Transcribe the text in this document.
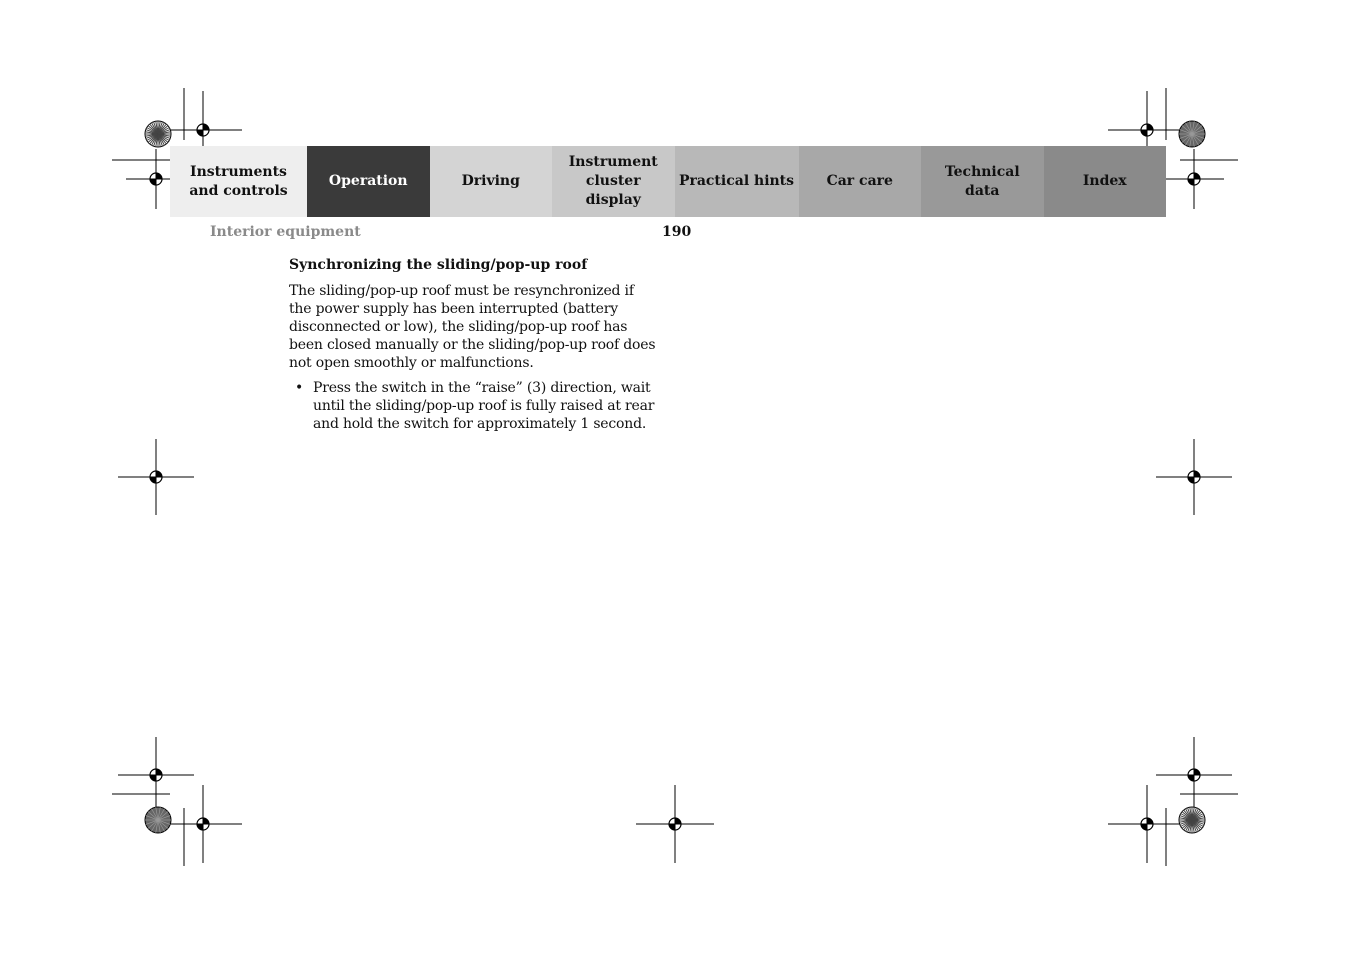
Instruments
and controls
Operation	Driving
Instrument
cluster display
Practical hints Car care
Technical
data
Index
Interior equipment	190
Synchronizing the sliding/pop-up roof

The sliding/pop-up roof must be resynchronized if the power supply has been interrupted (battery disconnected or low), the sliding/pop-up roof has been closed manually or the sliding/pop-up roof does not open smoothly or malfunctions.

• Press the switch in the “raise” (3) direction, wait until the sliding/pop-up roof is fully raised at rear and hold the switch for approximately 1 second.
